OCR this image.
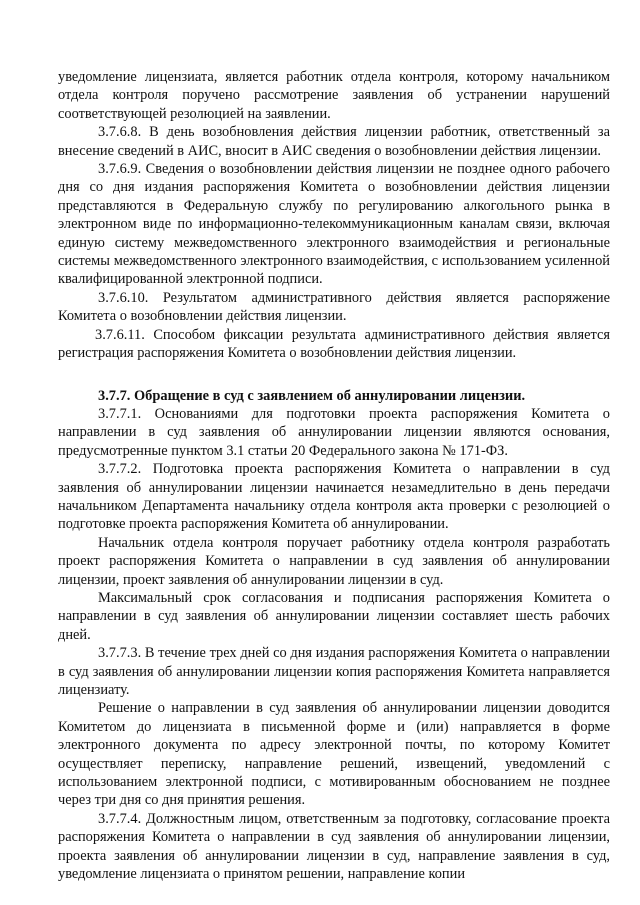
уведомление лицензиата, является работник отдела контроля, которому начальником отдела контроля поручено рассмотрение заявления об устранении нарушений соответствующей резолюцией на заявлении.

3.7.6.8. В день возобновления действия лицензии работник, ответственный за внесение сведений в АИС, вносит в АИС сведения о возобновлении действия лицензии.

3.7.6.9. Сведения о возобновлении действия лицензии не позднее одного рабочего дня со дня издания распоряжения Комитета о возобновлении действия лицензии представляются в Федеральную службу по регулированию алкогольного рынка в электронном виде по информационно-телекоммуникационным каналам связи, включая единую систему межведомственного электронного взаимодействия и региональные системы межведомственного электронного взаимодействия, с использованием усиленной квалифицированной электронной подписи.

3.7.6.10. Результатом административного действия является распоряжение Комитета о возобновлении действия лицензии.

3.7.6.11. Способом фиксации результата административного действия является регистрация распоряжения Комитета о возобновлении действия лицензии.

3.7.7. Обращение в суд с заявлением об аннулировании лицензии.

3.7.7.1. Основаниями для подготовки проекта распоряжения Комитета о направлении в суд заявления об аннулировании лицензии являются основания, предусмотренные пунктом 3.1 статьи 20 Федерального закона № 171-ФЗ.

3.7.7.2. Подготовка проекта распоряжения Комитета о направлении в суд заявления об аннулировании лицензии начинается незамедлительно в день передачи начальником Департамента начальнику отдела контроля акта проверки с резолюцией о подготовке проекта распоряжения Комитета об аннулировании.

Начальник отдела контроля поручает работнику отдела контроля разработать проект распоряжения Комитета о направлении в суд заявления об аннулировании лицензии, проект заявления об аннулировании лицензии в суд.

Максимальный срок согласования и подписания распоряжения Комитета о направлении в суд заявления об аннулировании лицензии составляет шесть рабочих дней.

3.7.7.3. В течение трех дней со дня издания распоряжения Комитета о направлении в суд заявления об аннулировании лицензии копия распоряжения Комитета направляется лицензиату.

Решение о направлении в суд заявления об аннулировании лицензии доводится Комитетом до лицензиата в письменной форме и (или) направляется в форме электронного документа по адресу электронной почты, по которому Комитет осуществляет переписку, направление решений, извещений, уведомлений с использованием электронной подписи, с мотивированным обоснованием не позднее через три дня со дня принятия решения.

3.7.7.4. Должностным лицом, ответственным за подготовку, согласование проекта распоряжения Комитета о направлении в суд заявления об аннулировании лицензии, проекта заявления об аннулировании лицензии в суд, направление заявления в суд, уведомление лицензиата о принятом решении, направление копии
